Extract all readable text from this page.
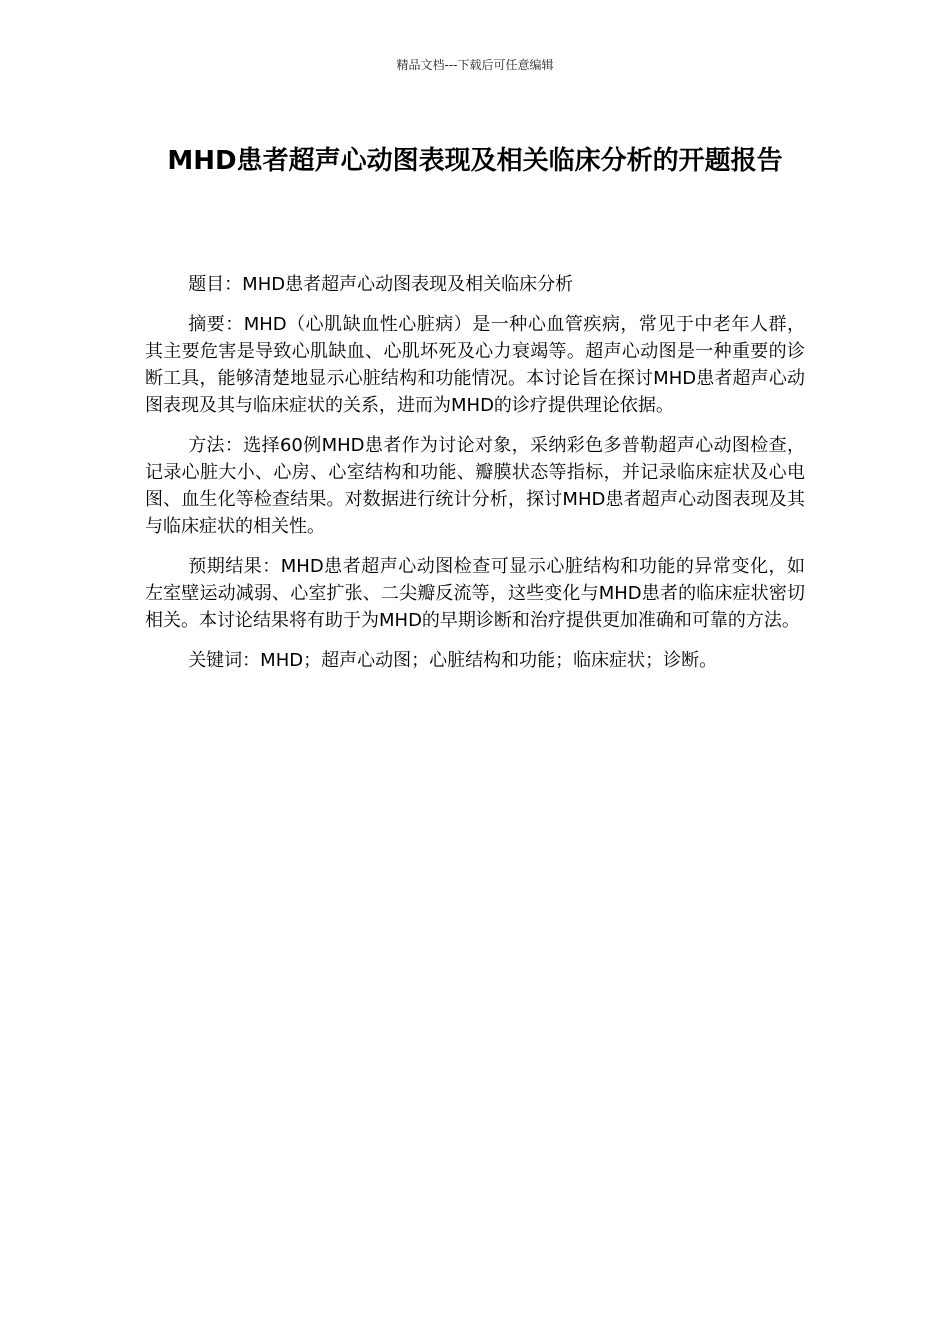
精品文档---下载后可任意编辑
MHD患者超声心动图表现及相关临床分析的开题报告

题目：MHD患者超声心动图表现及相关临床分析

摘要：MHD（心肌缺血性心脏病）是一种心血管疾病，常见于中老年人群，其主要危害是导致心肌缺血、心肌坏死及心力衰竭等。超声心动图是一种重要的诊断工具，能够清楚地显示心脏结构和功能情况。本讨论旨在探讨MHD患者超声心动图表现及其与临床症状的关系，进而为MHD的诊疗提供理论依据。

方法：选择60例MHD患者作为讨论对象，采纳彩色多普勒超声心动图检查，记录心脏大小、心房、心室结构和功能、瓣膜状态等指标，并记录临床症状及心电图、血生化等检查结果。对数据进行统计分析，探讨MHD患者超声心动图表现及其与临床症状的相关性。

预期结果：MHD患者超声心动图检查可显示心脏结构和功能的异常变化，如左室壁运动减弱、心室扩张、二尖瓣反流等，这些变化与MHD患者的临床症状密切相关。本讨论结果将有助于为MHD的早期诊断和治疗提供更加准确和可靠的方法。

关键词：MHD；超声心动图；心脏结构和功能；临床症状；诊断。
